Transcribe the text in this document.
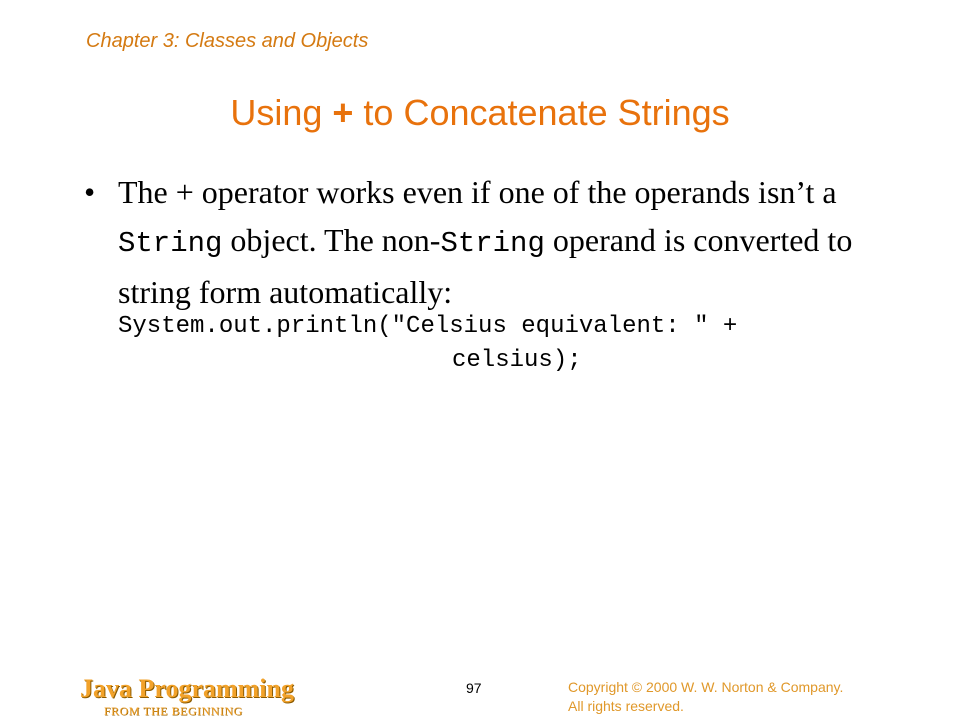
Chapter 3: Classes and Objects
Using + to Concatenate Strings
• The + operator works even if one of the operands isn’t a String object. The non-String operand is converted to string form automatically:
System.out.println("Celsius equivalent: " +
celsius);
Java Programming
FROM THE BEGINNING
97	Copyright © 2000 W. W. Norton & Company.
All rights reserved.
